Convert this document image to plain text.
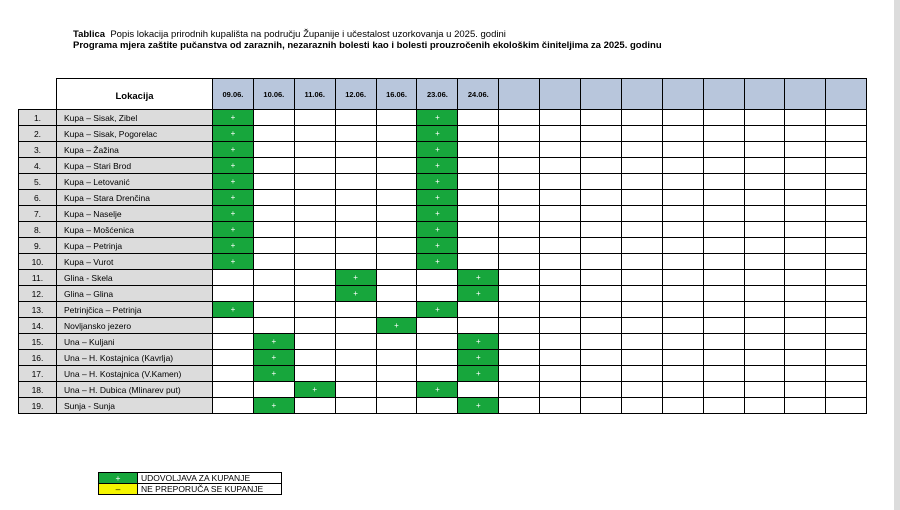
Tablica Popis lokacija prirodnih kupališta na području Županije i učestalost uzorkovanja u 2025. godini
Programa mjera zaštite pučanstva od zaraznih, nezaraznih bolesti kao i bolesti prouzročenih ekološkim činiteljima za 2025. godinu
	Lokacija	09.06.	10.06.	11.06.	12.06.	16.06.	23.06.	24.06.									
1.	Kupa – Sisak, Zibel	+					+										
2.	Kupa – Sisak, Pogorelac	+					+										
3.	Kupa – Žažina	+					+										
4.	Kupa – Stari Brod	+					+										
5.	Kupa – Letovanić	+					+										
6.	Kupa – Stara Drenčina	+					+										
7.	Kupa – Naselje	+					+										
8.	Kupa – Mošćenica	+					+										
9.	Kupa – Petrinja	+					+										
10.	Kupa – Vurot	+					+										
11.	Glina - Skela				+			+									
12.	Glina – Glina				+			+									
13.	Petrinjčica – Petrinja	+					+										
14.	Novljansko jezero					+											
15.	Una – Kuljani		+					+									
16.	Una – H. Kostajnica (Kavrlja)		+					+									
17.	Una – H. Kostajnica (V.Kamen)		+					+									
18.	Una – H. Dubica (Mlinarev put)			+			+										
19.	Sunja - Sunja		+					+									
+	UDOVOLJAVA ZA KUPANJE
–	NE PREPORUČA SE KUPANJE
